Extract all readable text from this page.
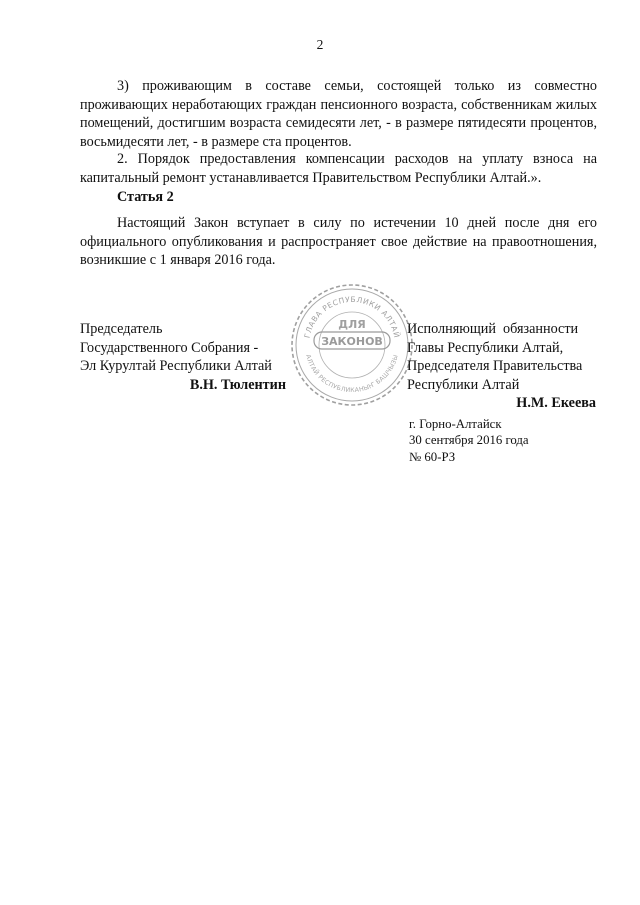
2

3) проживающим в составе семьи, состоящей только из совместно проживающих неработающих граждан пенсионного возраста, собственникам жилых помещений, достигшим возраста семидесяти лет, - в размере пятидесяти процентов, восьмидесяти лет, - в размере ста процентов.

2. Порядок предоставления компенсации расходов на уплату взноса на капитальный ремонт устанавливается Правительством Республики Алтай.».

Статья 2

Настоящий Закон вступает в силу по истечении 10 дней после дня его официального опубликования и распространяет свое действие на правоотношения, возникшие с 1 января 2016 года.

Председатель
Государственного Собрания -
Эл Курултай Республики Алтай
В.Н. Тюлентин
ГЛАВА РЕСПУБЛИКИ АЛТАЙ
АЛТАЙ РЕСПУБЛИКАНЫҤ БАШЧЫЗЫ
ДЛЯ
ЗАКОНОВ
Исполняющий  обязанности
Главы Республики Алтай,
Председателя Правительства
Республики Алтай
Н.М. Екеева
г. Горно-Алтайск
30 сентября 2016 года
№ 60-РЗ
